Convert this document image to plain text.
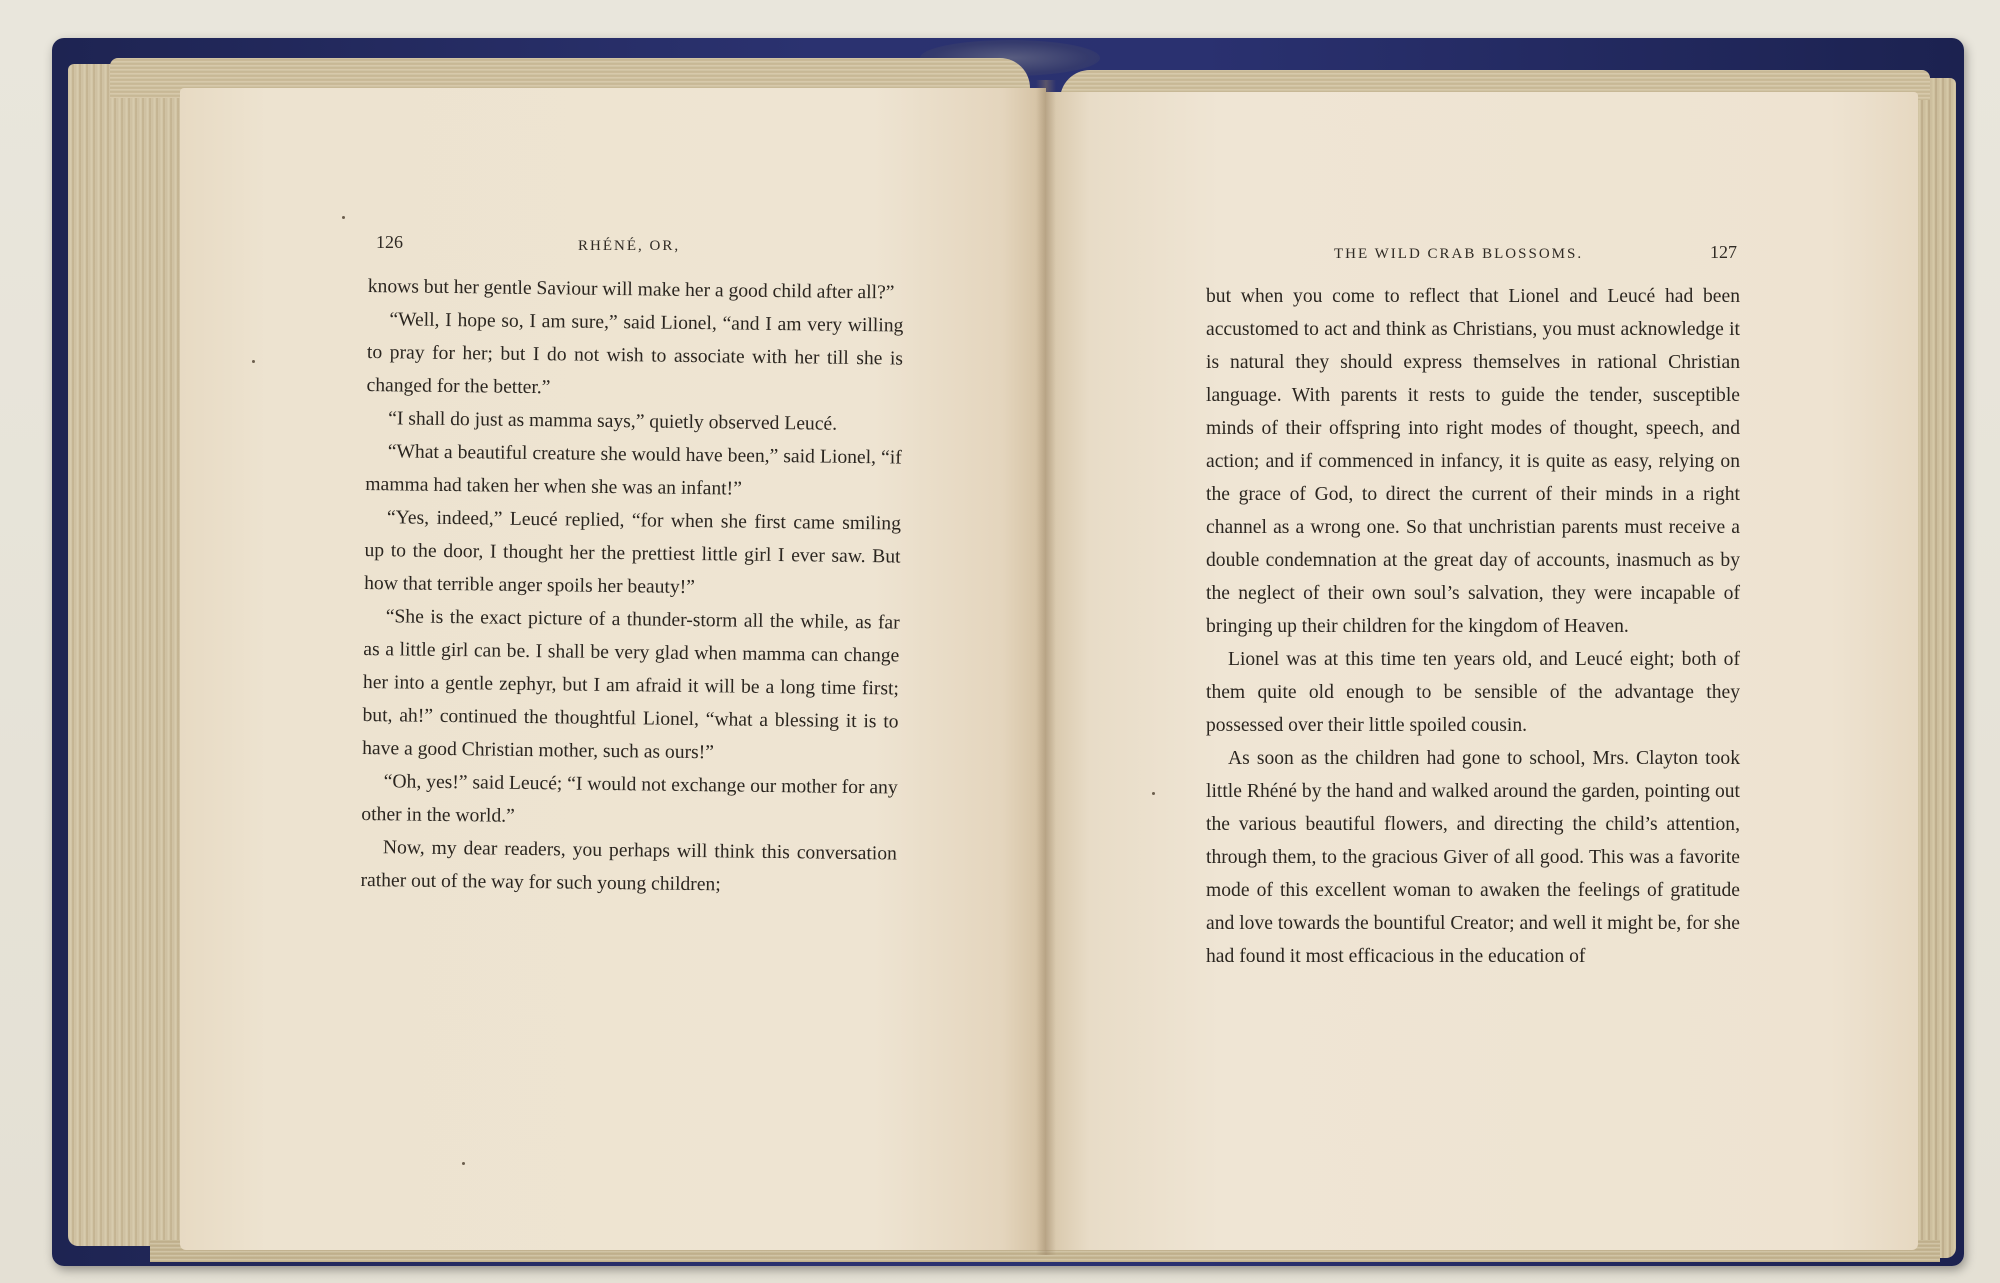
126	RHÉNÉ, OR,	THE WILD CRAB BLOSSOMS.	127

knows but her gentle Saviour will make her a good child after all?”

“Well, I hope so, I am sure,” said Lionel, “and I am very willing to pray for her; but I do not wish to associate with her till she is changed for the better.”

“I shall do just as mamma says,” quietly observed Leucé.

“What a beautiful creature she would have been,” said Lionel, “if mamma had taken her when she was an infant!”

“Yes, indeed,” Leucé replied, “for when she first came smiling up to the door, I thought her the prettiest little girl I ever saw. But how that terrible anger spoils her beauty!”

“She is the exact picture of a thunder-storm all the while, as far as a little girl can be. I shall be very glad when mamma can change her into a gentle zephyr, but I am afraid it will be a long time first; but, ah!” continued the thoughtful Lionel, “what a blessing it is to have a good Christian mother, such as ours!”

“Oh, yes!” said Leucé; “I would not exchange our mother for any other in the world.”

Now, my dear readers, you perhaps will think this conversation rather out of the way for such young children;

but when you come to reflect that Lionel and Leucé had been accustomed to act and think as Christians, you must acknowledge it is natural they should express themselves in rational Christian language. With parents it rests to guide the tender, susceptible minds of their offspring into right modes of thought, speech, and action; and if commenced in infancy, it is quite as easy, relying on the grace of God, to direct the current of their minds in a right channel as a wrong one. So that unchristian parents must receive a double condemnation at the great day of accounts, inasmuch as by the neglect of their own soul’s salvation, they were incapable of bringing up their children for the kingdom of Heaven.

Lionel was at this time ten years old, and Leucé eight; both of them quite old enough to be sensible of the advantage they possessed over their little spoiled cousin.

As soon as the children had gone to school, Mrs. Clayton took little Rhéné by the hand and walked around the garden, pointing out the various beautiful flowers, and directing the child’s attention, through them, to the gracious Giver of all good. This was a favorite mode of this excellent woman to awaken the feelings of gratitude and love towards the bountiful Creator; and well it might be, for she had found it most efficacious in the education of
